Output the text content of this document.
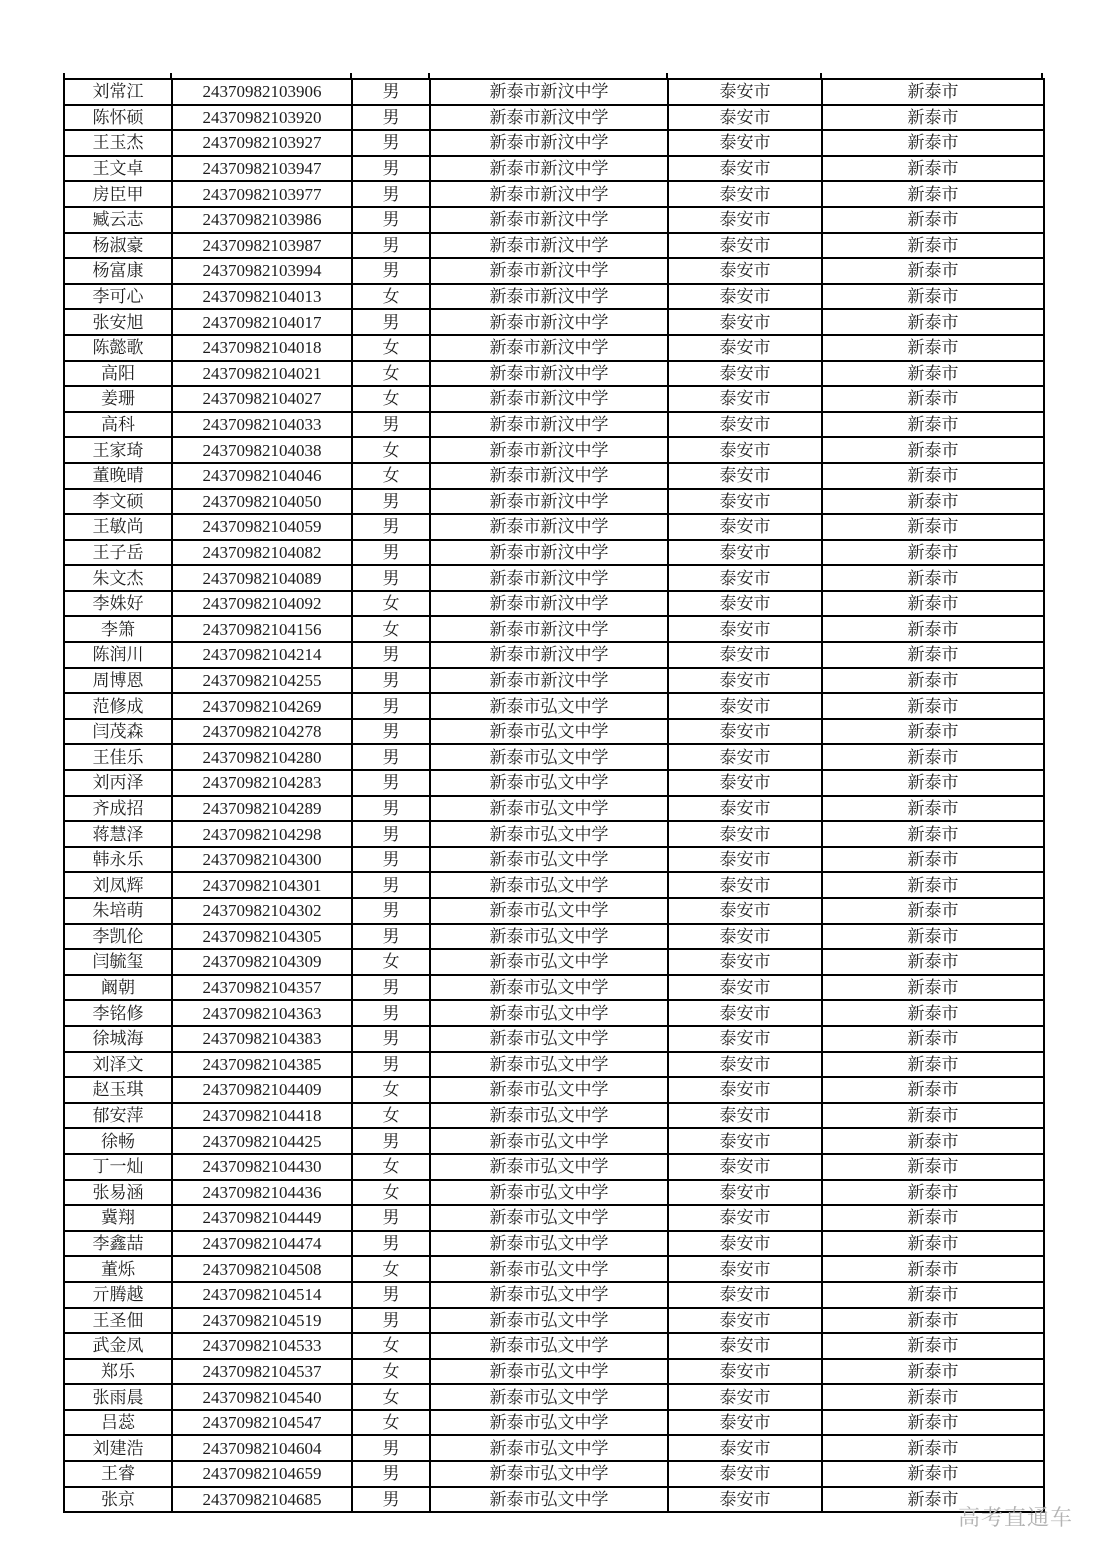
刘常江	24370982103906	男	新泰市新汶中学	泰安市	新泰市
陈怀硕	24370982103920	男	新泰市新汶中学	泰安市	新泰市
王玉杰	24370982103927	男	新泰市新汶中学	泰安市	新泰市
王文卓	24370982103947	男	新泰市新汶中学	泰安市	新泰市
房臣甲	24370982103977	男	新泰市新汶中学	泰安市	新泰市
臧云志	24370982103986	男	新泰市新汶中学	泰安市	新泰市
杨淑豪	24370982103987	男	新泰市新汶中学	泰安市	新泰市
杨富康	24370982103994	男	新泰市新汶中学	泰安市	新泰市
李可心	24370982104013	女	新泰市新汶中学	泰安市	新泰市
张安旭	24370982104017	男	新泰市新汶中学	泰安市	新泰市
陈懿歌	24370982104018	女	新泰市新汶中学	泰安市	新泰市
高阳	24370982104021	女	新泰市新汶中学	泰安市	新泰市
姜珊	24370982104027	女	新泰市新汶中学	泰安市	新泰市
高科	24370982104033	男	新泰市新汶中学	泰安市	新泰市
王家琦	24370982104038	女	新泰市新汶中学	泰安市	新泰市
董晚晴	24370982104046	女	新泰市新汶中学	泰安市	新泰市
李文硕	24370982104050	男	新泰市新汶中学	泰安市	新泰市
王敏尚	24370982104059	男	新泰市新汶中学	泰安市	新泰市
王子岳	24370982104082	男	新泰市新汶中学	泰安市	新泰市
朱文杰	24370982104089	男	新泰市新汶中学	泰安市	新泰市
李姝好	24370982104092	女	新泰市新汶中学	泰安市	新泰市
李箫	24370982104156	女	新泰市新汶中学	泰安市	新泰市
陈润川	24370982104214	男	新泰市新汶中学	泰安市	新泰市
周博恩	24370982104255	男	新泰市新汶中学	泰安市	新泰市
范修成	24370982104269	男	新泰市弘文中学	泰安市	新泰市
闫茂森	24370982104278	男	新泰市弘文中学	泰安市	新泰市
王佳乐	24370982104280	男	新泰市弘文中学	泰安市	新泰市
刘丙泽	24370982104283	男	新泰市弘文中学	泰安市	新泰市
齐成招	24370982104289	男	新泰市弘文中学	泰安市	新泰市
蒋慧泽	24370982104298	男	新泰市弘文中学	泰安市	新泰市
韩永乐	24370982104300	男	新泰市弘文中学	泰安市	新泰市
刘凤辉	24370982104301	男	新泰市弘文中学	泰安市	新泰市
朱培萌	24370982104302	男	新泰市弘文中学	泰安市	新泰市
李凯伦	24370982104305	男	新泰市弘文中学	泰安市	新泰市
闫毓玺	24370982104309	女	新泰市弘文中学	泰安市	新泰市
阚朝	24370982104357	男	新泰市弘文中学	泰安市	新泰市
李铭修	24370982104363	男	新泰市弘文中学	泰安市	新泰市
徐城海	24370982104383	男	新泰市弘文中学	泰安市	新泰市
刘泽文	24370982104385	男	新泰市弘文中学	泰安市	新泰市
赵玉琪	24370982104409	女	新泰市弘文中学	泰安市	新泰市
郁安萍	24370982104418	女	新泰市弘文中学	泰安市	新泰市
徐畅	24370982104425	男	新泰市弘文中学	泰安市	新泰市
丁一灿	24370982104430	女	新泰市弘文中学	泰安市	新泰市
张易涵	24370982104436	女	新泰市弘文中学	泰安市	新泰市
冀翔	24370982104449	男	新泰市弘文中学	泰安市	新泰市
李鑫喆	24370982104474	男	新泰市弘文中学	泰安市	新泰市
董烁	24370982104508	女	新泰市弘文中学	泰安市	新泰市
亓腾越	24370982104514	男	新泰市弘文中学	泰安市	新泰市
王圣佃	24370982104519	男	新泰市弘文中学	泰安市	新泰市
武金凤	24370982104533	女	新泰市弘文中学	泰安市	新泰市
郑乐	24370982104537	女	新泰市弘文中学	泰安市	新泰市
张雨晨	24370982104540	女	新泰市弘文中学	泰安市	新泰市
吕蕊	24370982104547	女	新泰市弘文中学	泰安市	新泰市
刘建浩	24370982104604	男	新泰市弘文中学	泰安市	新泰市
王睿	24370982104659	男	新泰市弘文中学	泰安市	新泰市
张京	24370982104685	男	新泰市弘文中学	泰安市	新泰市
高考直通车
